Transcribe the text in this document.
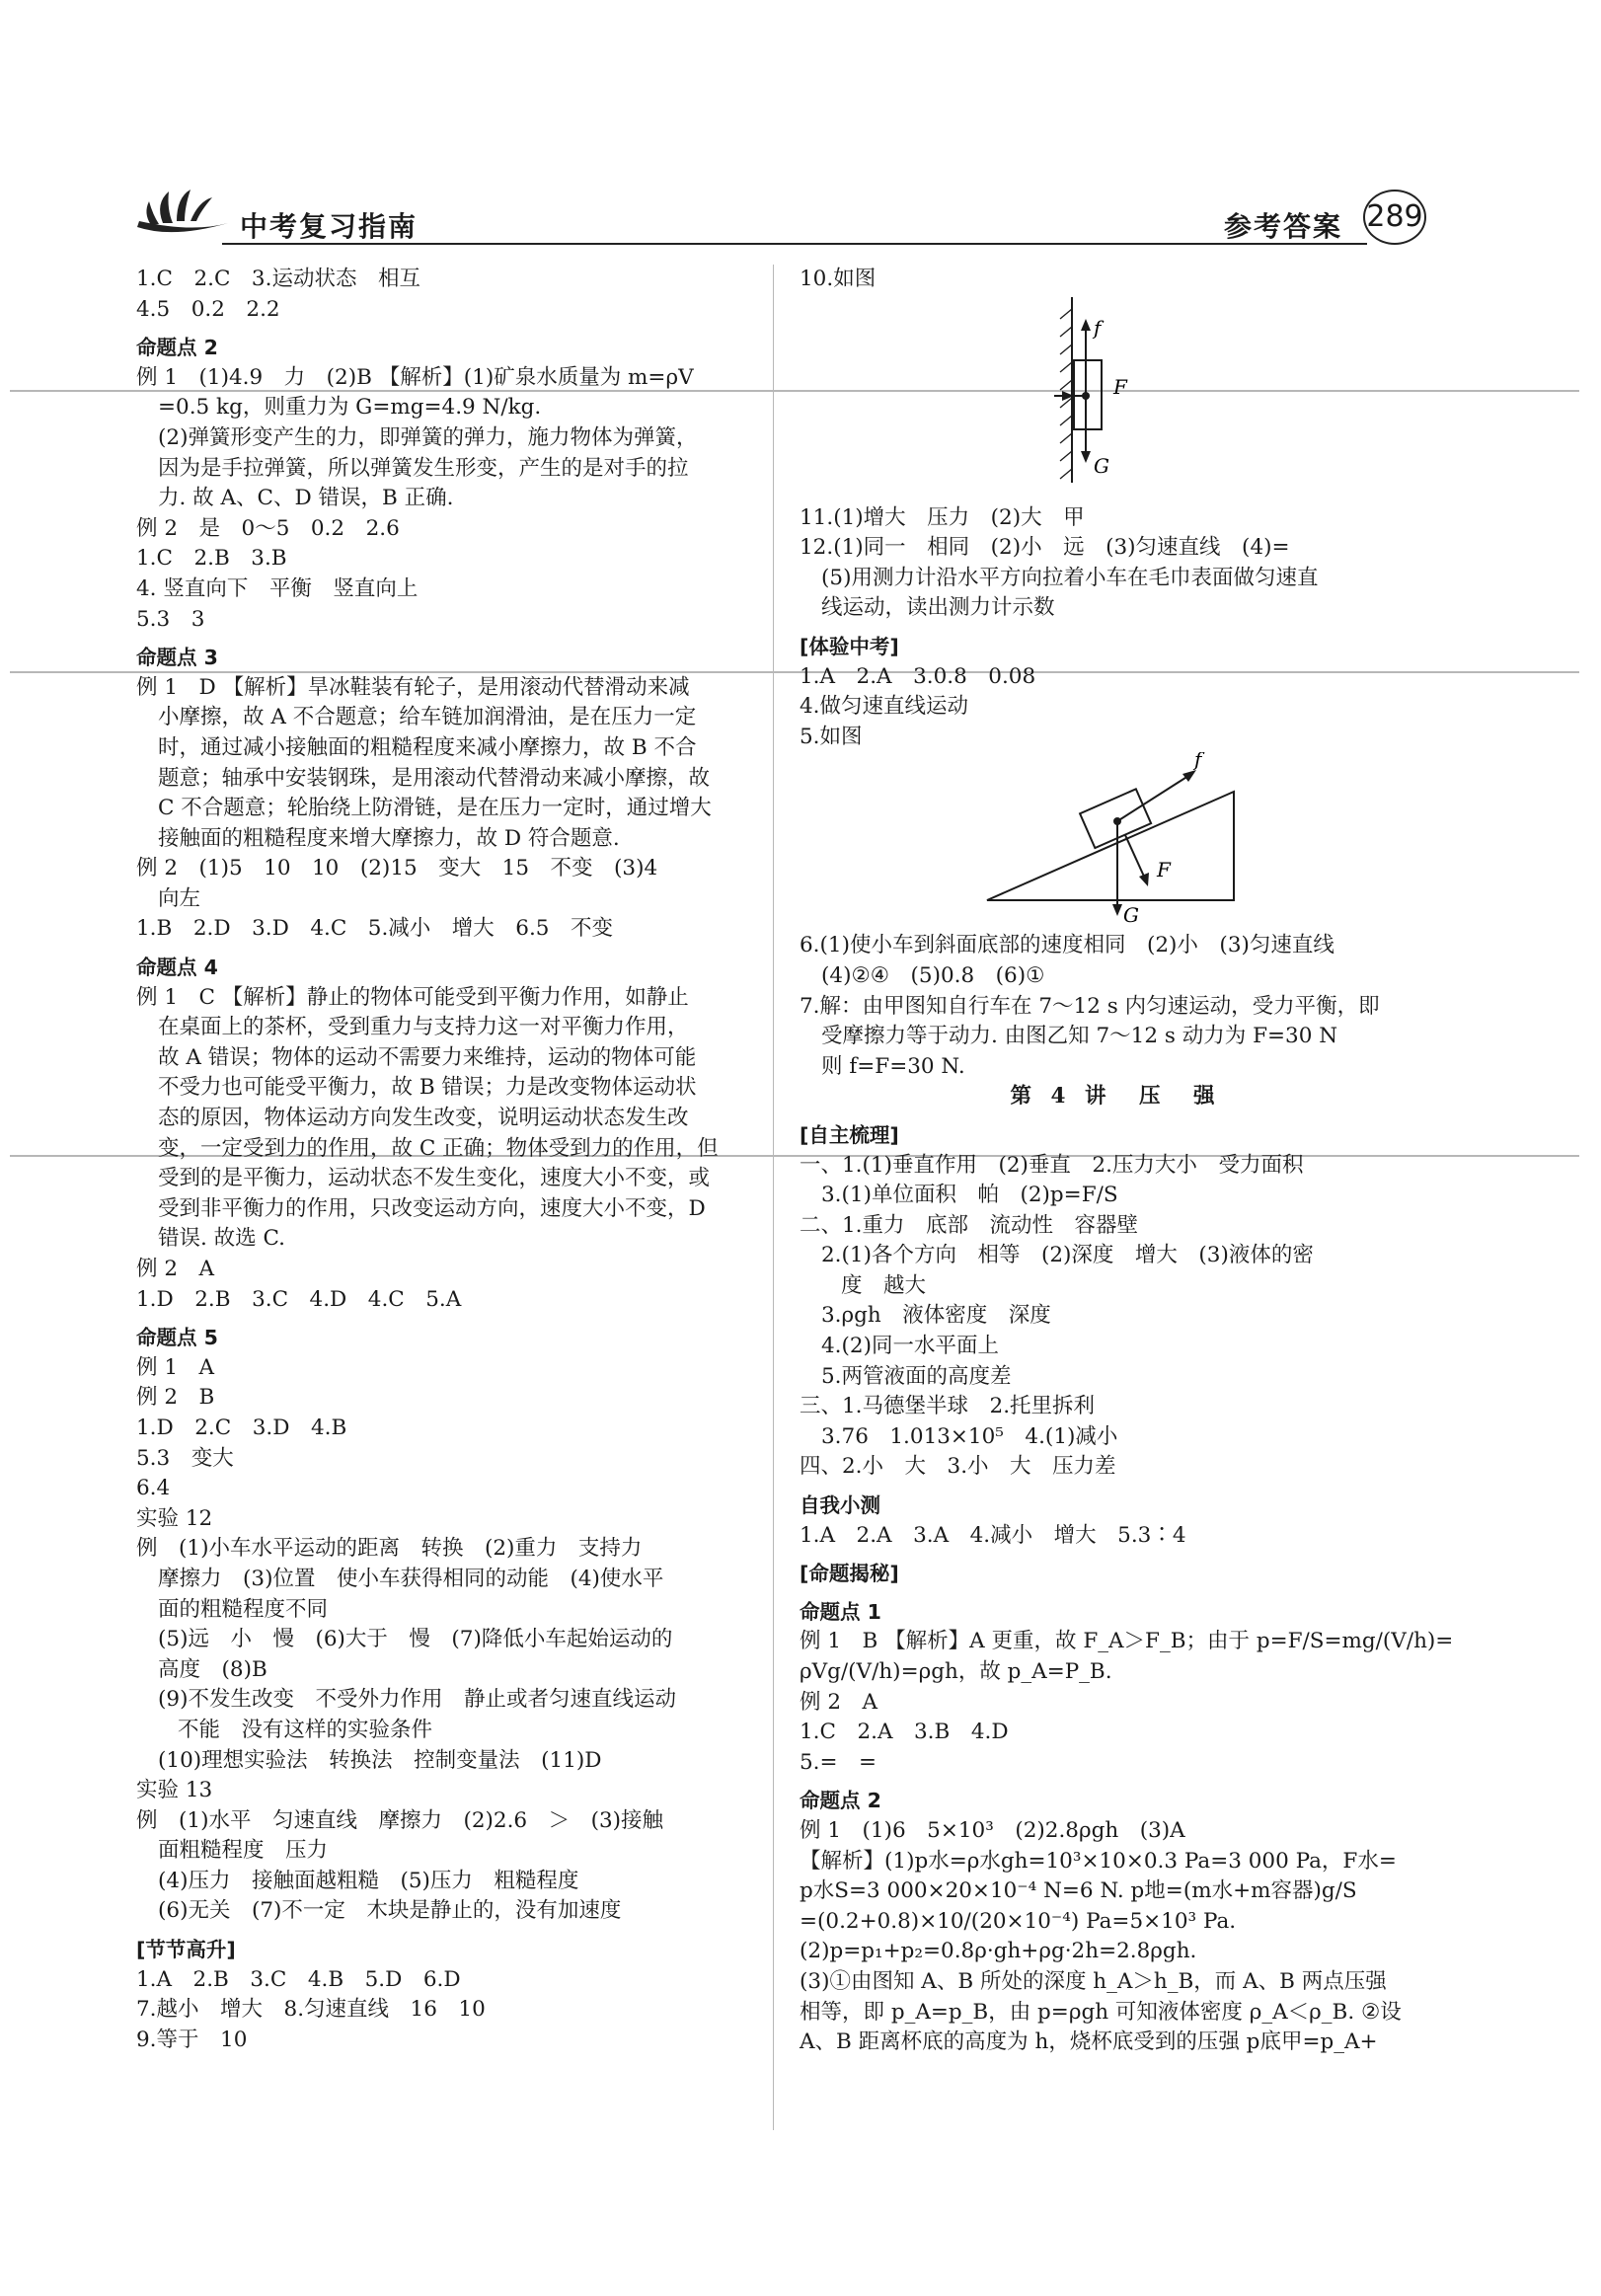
中考复习指南	参考答案 289
1.C　2.C　3.运动状态　相互
4.5　0.2　2.2
命题点 2
例 1　(1)4.9　力　(2)B 【解析】(1)矿泉水质量为 m=ρV
=0.5 kg，则重力为 G=mg=4.9 N/kg.
(2)弹簧形变产生的力，即弹簧的弹力，施力物体为弹簧，
因为是手拉弹簧，所以弹簧发生形变，产生的是对手的拉
力. 故 A、C、D 错误，B 正确.
例 2　是　0～5　0.2　2.6
1.C　2.B　3.B
4. 竖直向下　平衡　竖直向上
5.3　3
命题点 3
例 1　D 【解析】旱冰鞋装有轮子，是用滚动代替滑动来减
小摩擦，故 A 不合题意；给车链加润滑油，是在压力一定
时，通过减小接触面的粗糙程度来减小摩擦力，故 B 不合
题意；轴承中安装钢珠，是用滚动代替滑动来减小摩擦，故
C 不合题意；轮胎绕上防滑链，是在压力一定时，通过增大
接触面的粗糙程度来增大摩擦力，故 D 符合题意.
例 2　(1)5　10　10　(2)15　变大　15　不变　(3)4
向左
1.B　2.D　3.D　4.C　5.减小　增大　6.5　不变
命题点 4
例 1　C 【解析】静止的物体可能受到平衡力作用，如静止
在桌面上的茶杯，受到重力与支持力这一对平衡力作用，
故 A 错误；物体的运动不需要力来维持，运动的物体可能
不受力也可能受平衡力，故 B 错误；力是改变物体运动状
态的原因，物体运动方向发生改变，说明运动状态发生改
变，一定受到力的作用，故 C 正确；物体受到力的作用，但
受到的是平衡力，运动状态不发生变化，速度大小不变，或
受到非平衡力的作用，只改变运动方向，速度大小不变，D
错误. 故选 C.
例 2　A
1.D　2.B　3.C　4.D　4.C　5.A
命题点 5
例 1　A
例 2　B
1.D　2.C　3.D　4.B
5.3　变大
6.4
实验 12
例　(1)小车水平运动的距离　转换　(2)重力　支持力
摩擦力　(3)位置　使小车获得相同的动能　(4)使水平
面的粗糙程度不同
(5)远　小　慢　(6)大于　慢　(7)降低小车起始运动的
高度　(8)B
(9)不发生改变　不受外力作用　静止或者匀速直线运动
不能　没有这样的实验条件
(10)理想实验法　转换法　控制变量法　(11)D
实验 13
例　(1)水平　匀速直线　摩擦力　(2)2.6　＞　(3)接触
面粗糙程度　压力
(4)压力　接触面越粗糙　(5)压力　粗糙程度
(6)无关　(7)不一定　木块是静止的，没有加速度
[节节高升]
1.A　2.B　3.C　4.B　5.D　6.D
7.越小　增大　8.匀速直线　16　10
9.等于　10
10.如图
f
F
G
11.(1)增大　压力　(2)大　甲
12.(1)同一　相同　(2)小　远　(3)匀速直线　(4)=
(5)用测力计沿水平方向拉着小车在毛巾表面做匀速直
线运动，读出测力计示数
[体验中考]
1.A　2.A　3.0.8　0.08
4.做匀速直线运动
5.如图
f
F
G
6.(1)使小车到斜面底部的速度相同　(2)小　(3)匀速直线
(4)②④　(5)0.8　(6)①
7.解：由甲图知自行车在 7～12 s 内匀速运动，受力平衡，即
受摩擦力等于动力. 由图乙知 7～12 s 动力为 F=30 N
则 f=F=30 N.
第 4 讲　压　强
[自主梳理]
一、1.(1)垂直作用　(2)垂直　2.压力大小　受力面积
3.(1)单位面积　帕　(2)p=F/S
二、1.重力　底部　流动性　容器壁
2.(1)各个方向　相等　(2)深度　增大　(3)液体的密
度　越大
3.ρgh　液体密度　深度
4.(2)同一水平面上
5.两管液面的高度差
三、1.马德堡半球　2.托里拆利
3.76　1.013×10⁵　4.(1)减小
四、2.小　大　3.小　大　压力差
自我小测
1.A　2.A　3.A　4.减小　增大　5.3∶4
[命题揭秘]
命题点 1
例 1　B 【解析】A 更重，故 F_A＞F_B；由于 p=F/S=mg/(V/h)=
ρVg/(V/h)=ρgh，故 p_A=P_B.
例 2　A
1.C　2.A　3.B　4.D
5.=　=
命题点 2
例 1　(1)6　5×10³　(2)2.8ρgh　(3)A
【解析】(1)p水=ρ水gh=10³×10×0.3 Pa=3 000 Pa，F水=
p水S=3 000×20×10⁻⁴ N=6 N. p地=(m水+m容器)g/S
=(0.2+0.8)×10/(20×10⁻⁴) Pa=5×10³ Pa.
(2)p=p₁+p₂=0.8ρ·gh+ρg·2h=2.8ρgh.
(3)①由图知 A、B 所处的深度 h_A＞h_B，而 A、B 两点压强
相等，即 p_A=p_B，由 p=ρgh 可知液体密度 ρ_A＜ρ_B. ②设
A、B 距离杯底的高度为 h，烧杯底受到的压强 p底甲=p_A+
